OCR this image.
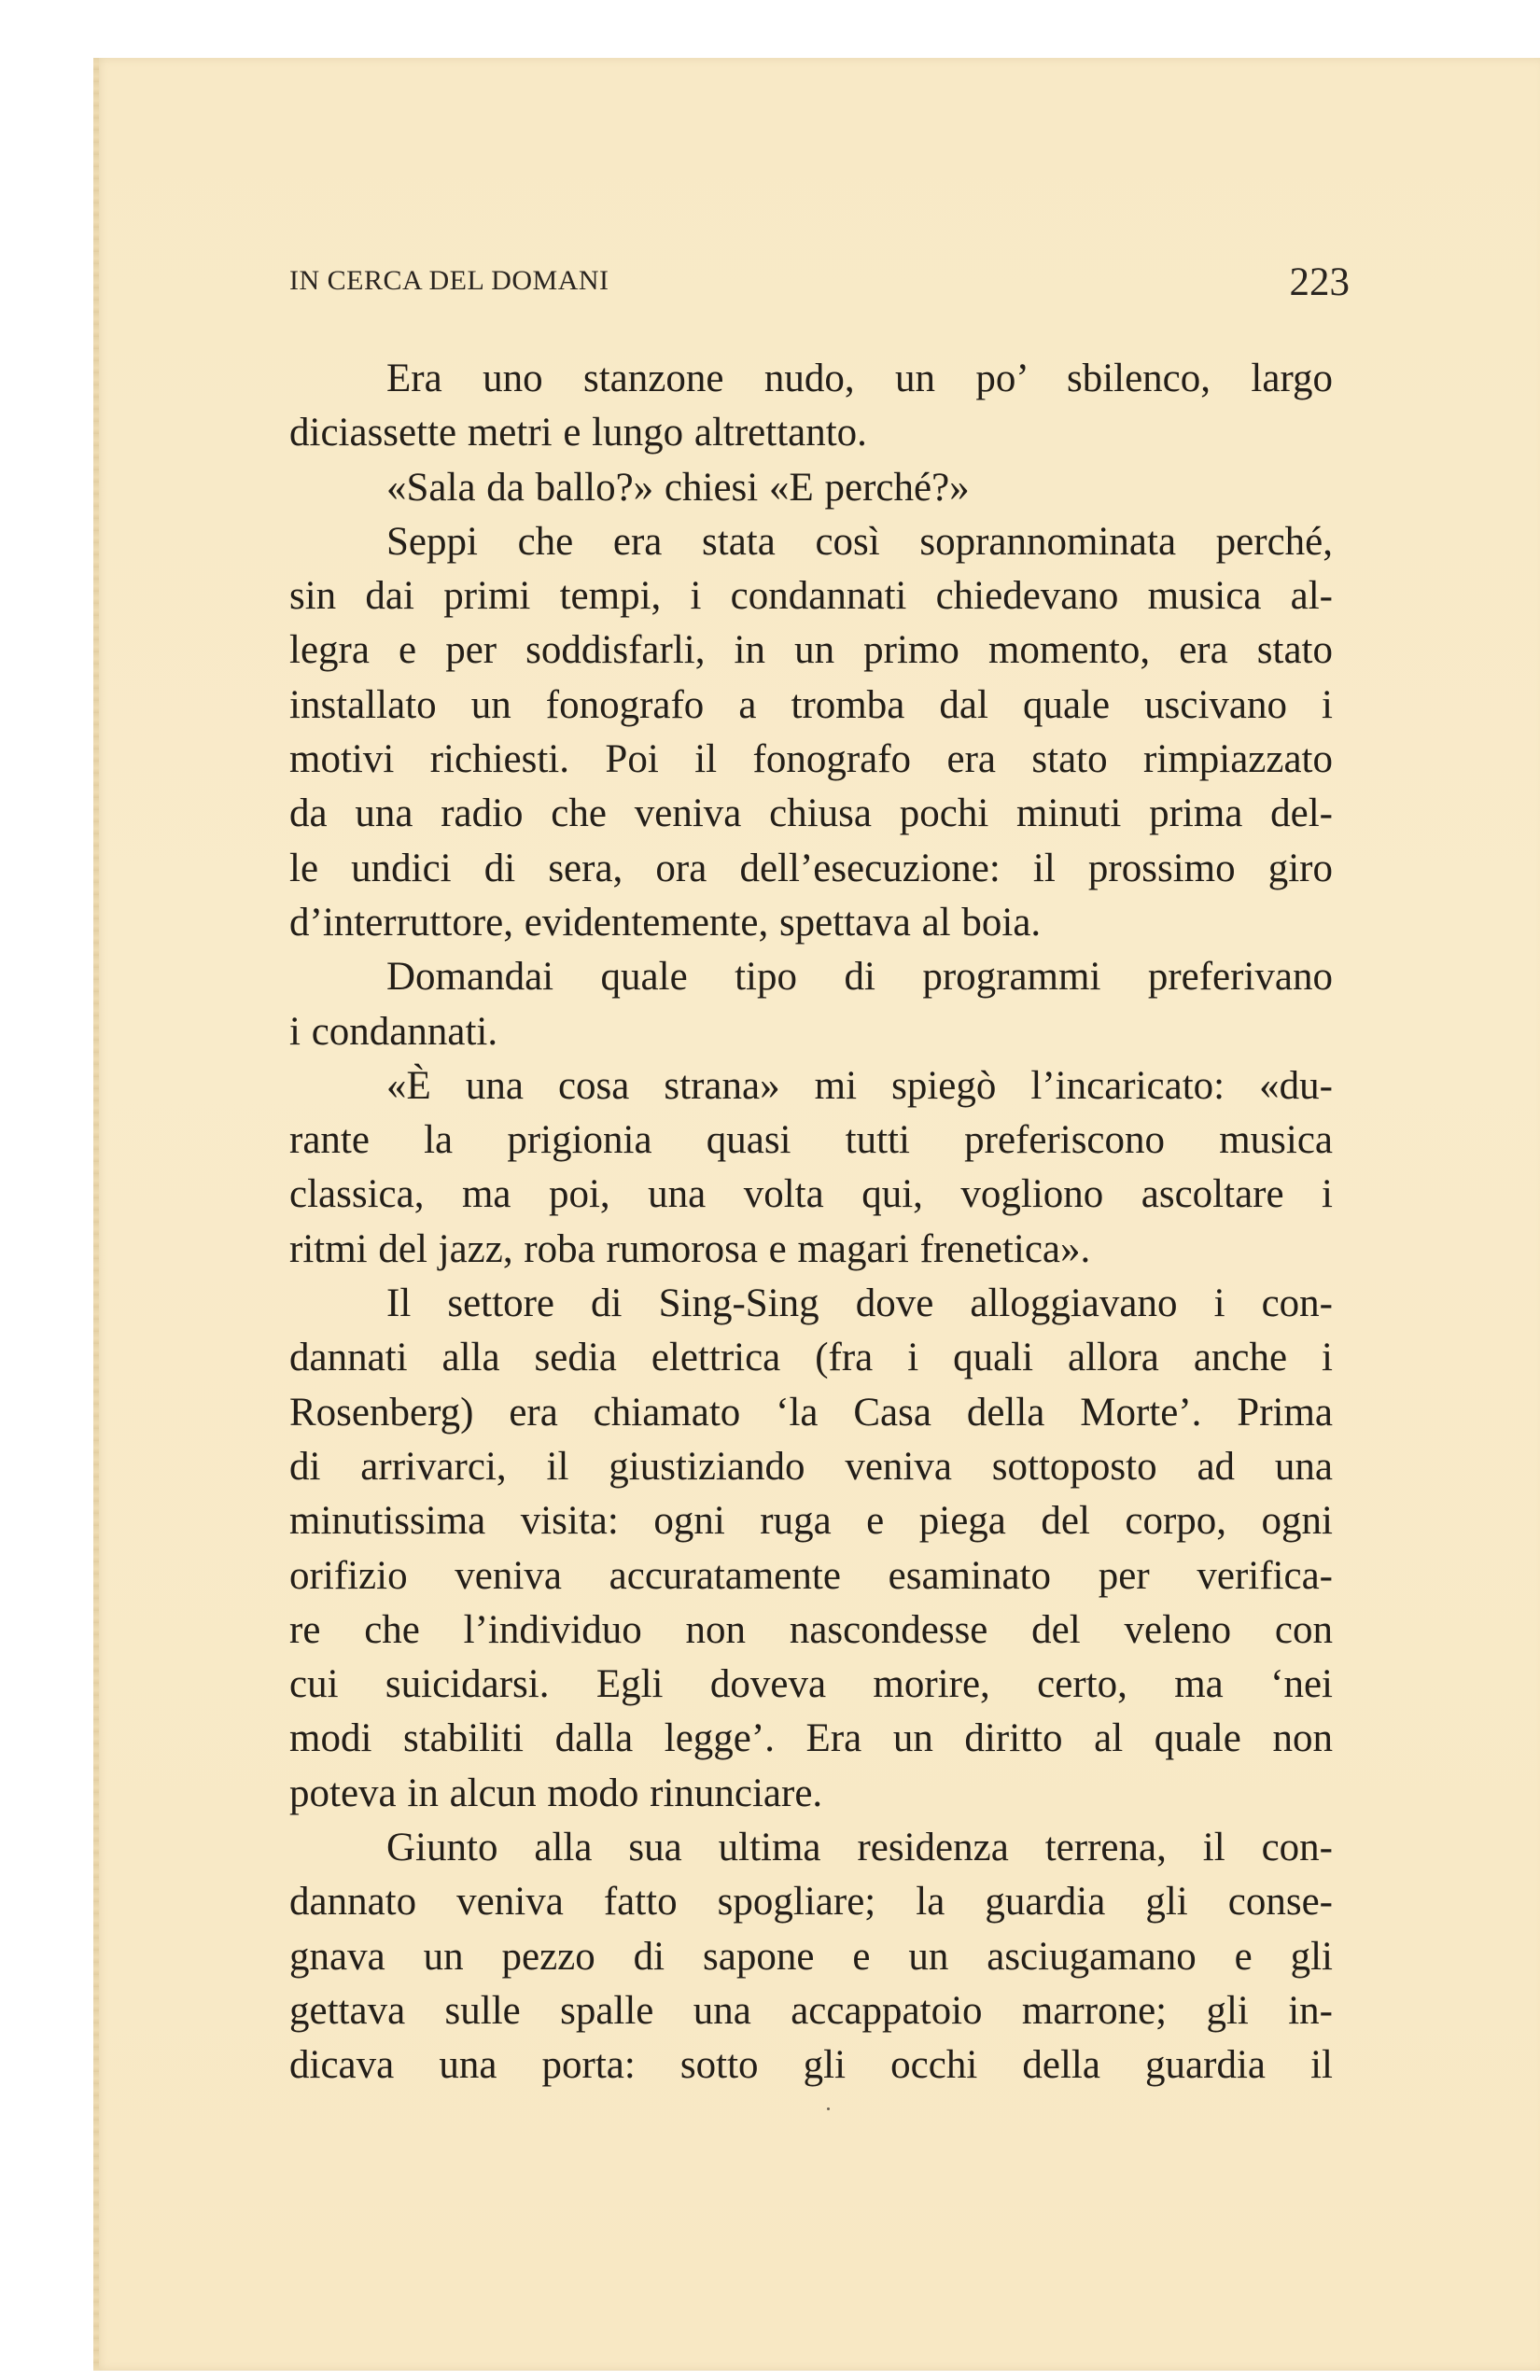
IN CERCA DEL DOMANI	223
Era uno stanzone nudo, un po’ sbilenco, largo
diciassette metri e lungo altrettanto.
«Sala da ballo?» chiesi «E perché?»
Seppi che era stata così soprannominata perché,
sin dai primi tempi, i condannati chiedevano musica al-
legra e per soddisfarli, in un primo momento, era stato
installato un fonografo a tromba dal quale uscivano i
motivi richiesti. Poi il fonografo era stato rimpiazzato
da una radio che veniva chiusa pochi minuti prima del-
le undici di sera, ora dell’esecuzione: il prossimo giro
d’interruttore, evidentemente, spettava al boia.
Domandai quale tipo di programmi preferivano
i condannati.
«È una cosa strana» mi spiegò l’incaricato: «du-
rante la prigionia quasi tutti preferiscono musica
classica, ma poi, una volta qui, vogliono ascoltare i
ritmi del jazz, roba rumorosa e magari frenetica».
Il settore di Sing-Sing dove alloggiavano i con-
dannati alla sedia elettrica (fra i quali allora anche i
Rosenberg) era chiamato ‘la Casa della Morte’. Prima
di arrivarci, il giustiziando veniva sottoposto ad una
minutissima visita: ogni ruga e piega del corpo, ogni
orifizio veniva accuratamente esaminato per verifica-
re che l’individuo non nascondesse del veleno con
cui suicidarsi. Egli doveva morire, certo, ma ‘nei
modi stabiliti dalla legge’. Era un diritto al quale non
poteva in alcun modo rinunciare.
Giunto alla sua ultima residenza terrena, il con-
dannato veniva fatto spogliare; la guardia gli conse-
gnava un pezzo di sapone e un asciugamano e gli
gettava sulle spalle una accappatoio marrone; gli in-
dicava una porta: sotto gli occhi della guardia il
